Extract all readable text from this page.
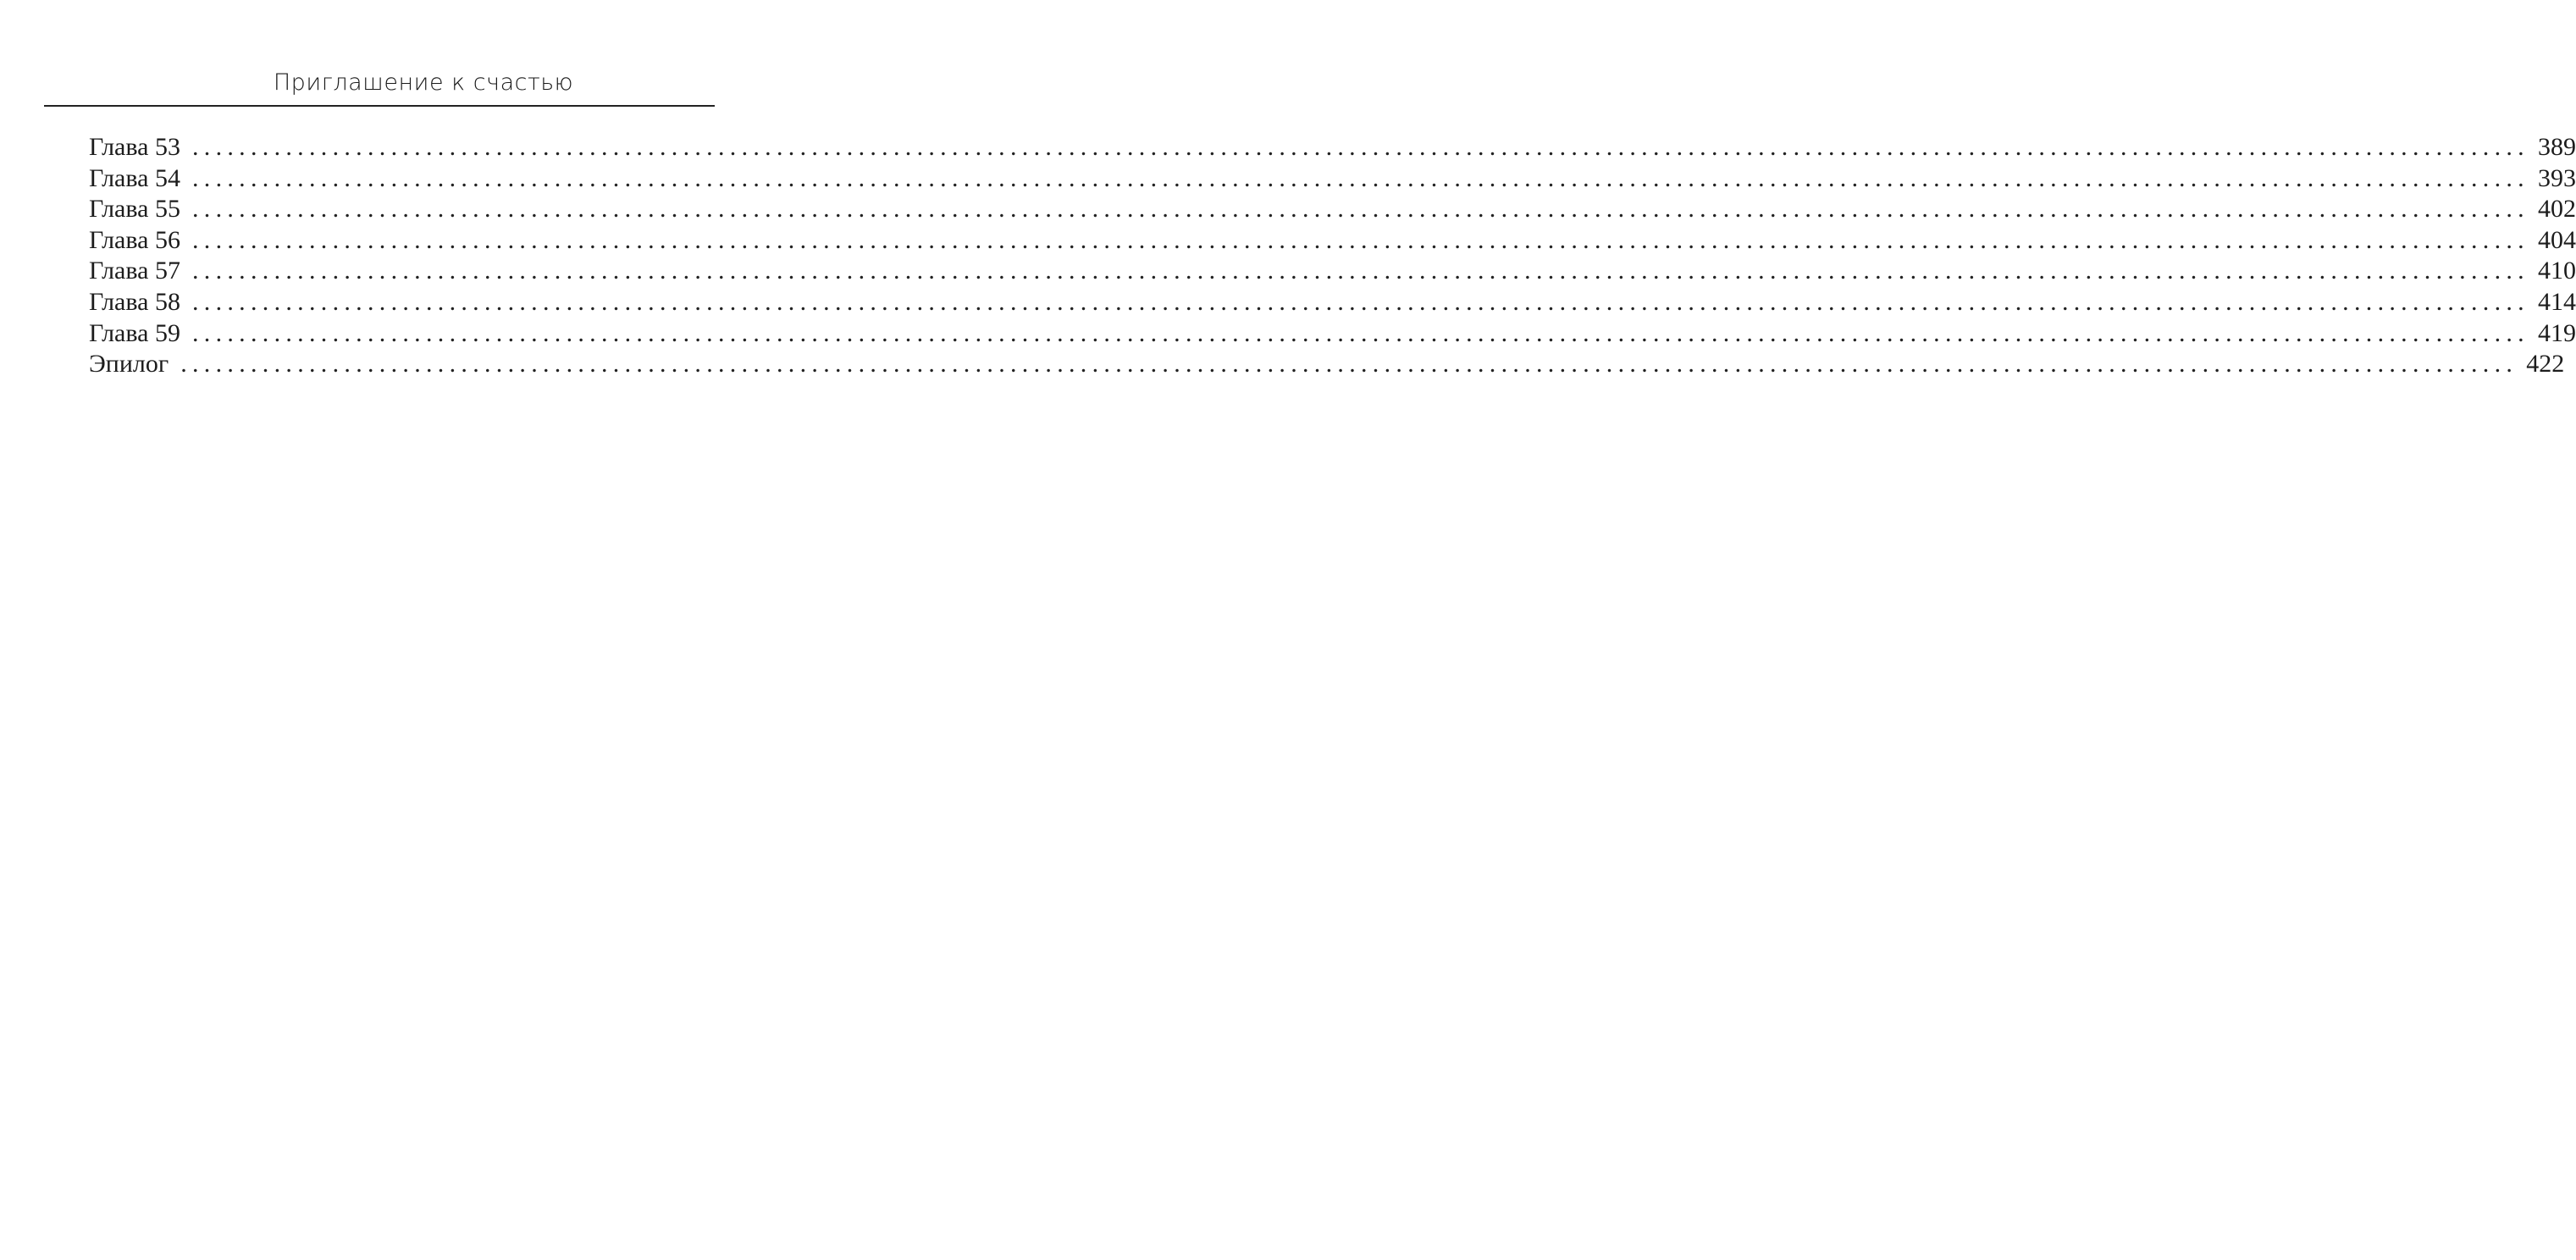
Приглашение к счастью
Глава 53 ........................................................................................................................................................................................................ 389
Глава 54 ........................................................................................................................................................................................................ 393
Глава 55 ........................................................................................................................................................................................................ 402
Глава 56 ........................................................................................................................................................................................................ 404
Глава 57 ........................................................................................................................................................................................................ 410
Глава 58 ........................................................................................................................................................................................................ 414
Глава 59 ........................................................................................................................................................................................................ 419
Эпилог ........................................................................................................................................................................................................ 422
